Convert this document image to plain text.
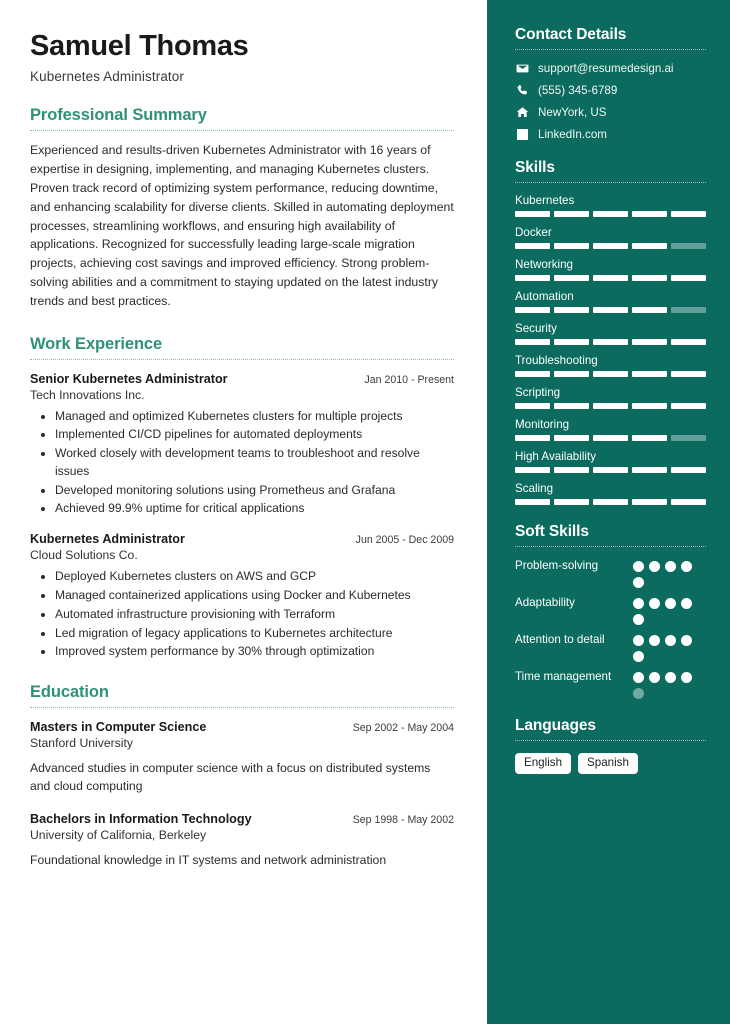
Samuel Thomas
Kubernetes Administrator
Professional Summary

Experienced and results-driven Kubernetes Administrator with 16 years of expertise in designing, implementing, and managing Kubernetes clusters. Proven track record of optimizing system performance, reducing downtime, and enhancing scalability for diverse clients. Skilled in automating deployment processes, streamlining workflows, and ensuring high availability of applications. Recognized for successfully leading large-scale migration projects, achieving cost savings and improved efficiency. Strong problem-solving abilities and a commitment to staying updated on the latest industry trends and best practices.

Work Experience
Senior Kubernetes Administrator	Jan 2010 - Present
Tech Innovations Inc.
• Managed and optimized Kubernetes clusters for multiple projects
• Implemented CI/CD pipelines for automated deployments
• Worked closely with development teams to troubleshoot and resolve issues
• Developed monitoring solutions using Prometheus and Grafana
• Achieved 99.9% uptime for critical applications
Kubernetes Administrator	Jun 2005 - Dec 2009
Cloud Solutions Co.
• Deployed Kubernetes clusters on AWS and GCP
• Managed containerized applications using Docker and Kubernetes
• Automated infrastructure provisioning with Terraform
• Led migration of legacy applications to Kubernetes architecture
• Improved system performance by 30% through optimization
Education
Masters in Computer Science	Sep 2002 - May 2004
Stanford University
Advanced studies in computer science with a focus on distributed systems and cloud computing
Bachelors in Information Technology	Sep 1998 - May 2002
University of California, Berkeley
Foundational knowledge in IT systems and network administration
Contact Details
support@resumedesign.ai
(555) 345-6789
NewYork, US
LinkedIn.com
Skills
Kubernetes
Docker
Networking
Automation
Security
Troubleshooting
Scripting
Monitoring
High Availability
Scaling
Soft Skills
Problem-solving
Adaptability
Attention to detail
Time management
Languages
English	Spanish
